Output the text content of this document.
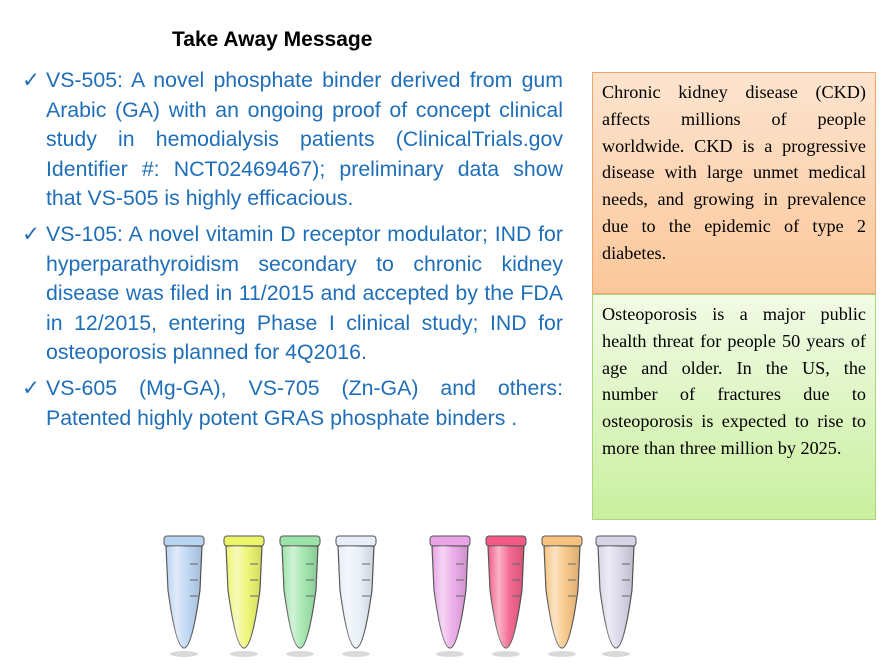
Take Away Message
✓ VS-505: A novel phosphate binder derived from gum Arabic (GA) with an ongoing proof of concept clinical study in hemodialysis patients (ClinicalTrials.gov Identifier #: NCT02469467); preliminary data show that VS-505 is highly efficacious.
✓ VS-105: A novel vitamin D receptor modulator; IND for hyperparathyroidism secondary to chronic kidney disease was filed in 11/2015 and accepted by the FDA in 12/2015, entering Phase I clinical study; IND for osteoporosis planned for 4Q2016.
✓ VS-605 (Mg-GA), VS-705 (Zn-GA) and others: Patented highly potent GRAS phosphate binders .
Chronic kidney disease (CKD) affects millions of people worldwide. CKD is a progressive disease with large unmet medical needs, and growing in prevalence due to the epidemic of type 2 diabetes.
Osteoporosis is a major public health threat for people 50 years of age and older. In the US, the number of fractures due to osteoporosis is expected to rise to more than three million by 2025.
